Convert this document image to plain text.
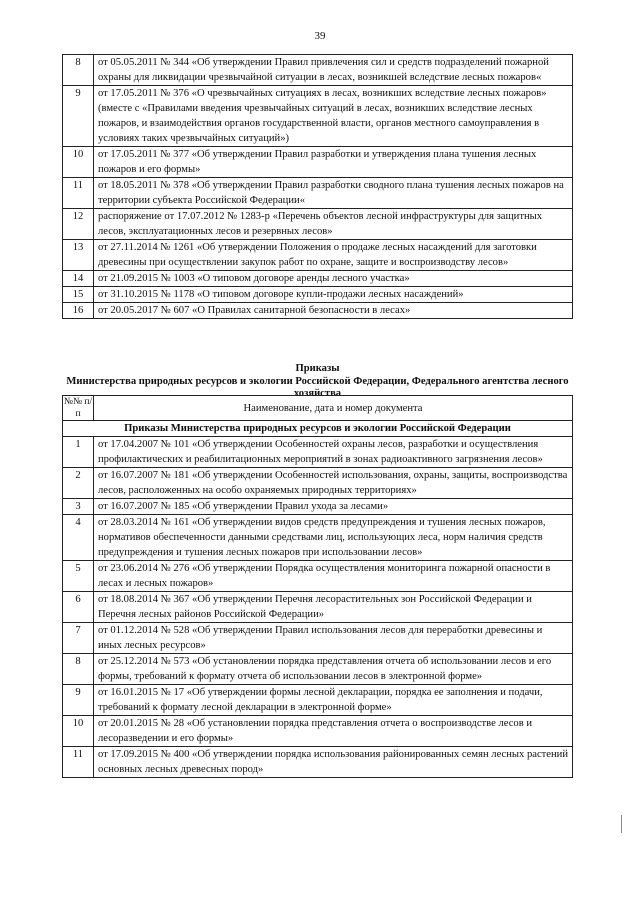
39
8	от 05.05.2011 № 344 «Об утверждении Правил привлечения сил и средств подразделений пожарной охраны для ликвидации чрезвычайной ситуации в лесах, возникшей вследствие лесных пожаров«
9	от 17.05.2011 № 376 «О чрезвычайных ситуациях в лесах, возникших вследствие лесных пожаров» (вместе с «Правилами введения чрезвычайных ситуаций в лесах, возникших вследствие лесных пожаров, и взаимодействия органов государственной власти, органов местного самоуправления в условиях таких чрезвычайных ситуаций»)
10	от 17.05.2011 № 377 «Об утверждении Правил разработки и утверждения плана тушения лесных пожаров и его формы»
11	от 18.05.2011 № 378 «Об утверждении Правил разработки сводного плана тушения лесных пожаров на территории субъекта Российской Федерации«
12	распоряжение от 17.07.2012 № 1283-р «Перечень объектов лесной инфраструктуры для защитных лесов, эксплуатационных лесов и резервных лесов»
13	от 27.11.2014 № 1261 «Об утверждении Положения о продаже лесных насаждений для заготовки древесины при осуществлении закупок работ по охране, защите и воспроизводству лесов»
14	от 21.09.2015 № 1003 «О типовом договоре аренды лесного участка»
15	от 31.10.2015 № 1178 «О типовом договоре купли-продажи лесных насаждений»
16	от 20.05.2017 № 607 «О Правилах санитарной безопасности в лесах»
Приказы
Министерства природных ресурсов и экологии Российской Федерации, Федерального агентства лесного хозяйства
№№ п/п	Наименование, дата и номер документа
Приказы Министерства природных ресурсов и экологии Российской Федерации	
1	от 17.04.2007 № 101 «Об утверждении Особенностей охраны лесов, разработки и осуществления профилактических и реабилитационных мероприятий в зонах радиоактивного загрязнения лесов»
2	от 16.07.2007 № 181 «Об утверждении Особенностей использования, охраны, защиты, воспроизводства лесов, расположенных на особо охраняемых природных территориях»
3	от 16.07.2007 № 185 «Об утверждении Правил ухода за лесами»
4	от 28.03.2014 № 161 «Об утверждении видов средств предупреждения и тушения лесных пожаров, нормативов обеспеченности данными средствами лиц, использующих леса, норм наличия средств предупреждения и тушения лесных пожаров при использовании лесов»
5	от 23.06.2014 № 276 «Об утверждении Порядка осуществления мониторинга пожарной опасности в лесах и лесных пожаров»
6	от 18.08.2014 № 367 «Об утверждении Перечня лесорастительных зон Российской Федерации и Перечня лесных районов Российской Федерации»
7	от 01.12.2014 № 528 «Об утверждении Правил использования лесов для переработки древесины и иных лесных ресурсов»
8	от 25.12.2014 № 573 «Об установлении порядка представления отчета об использовании лесов и его формы, требований к формату отчета об использовании лесов в электронной форме»
9	от 16.01.2015 № 17 «Об утверждении формы лесной декларации, порядка ее заполнения и подачи, требований к формату лесной декларации в электронной форме»
10	от 20.01.2015 № 28 «Об установлении порядка представления отчета о воспроизводстве лесов и лесоразведении и его формы»
11	от 17.09.2015 № 400 «Об утверждении порядка использования районированных семян лесных растений основных лесных древесных пород»
